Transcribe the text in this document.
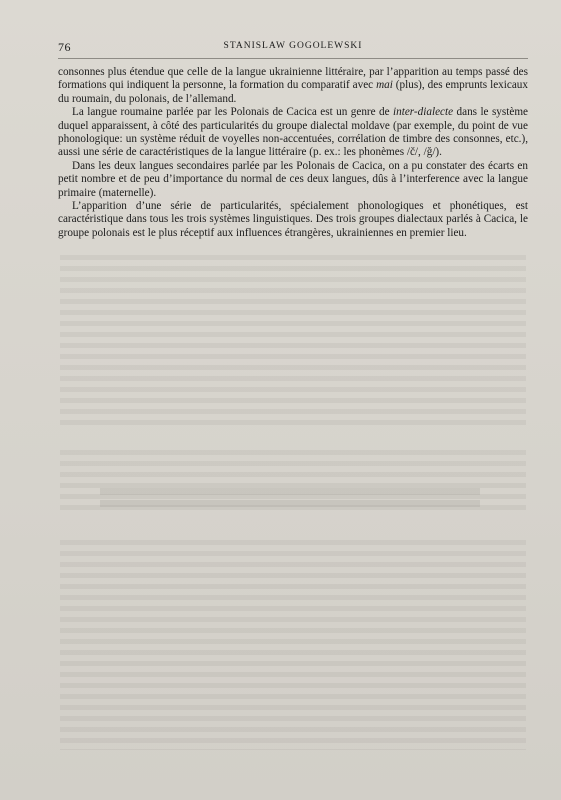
76	STANISLAW GOGOLEWSKI

consonnes plus étendue que celle de la langue ukrainienne littéraire, par l’apparition au temps passé des formations qui indiquent la personne, la formation du comparatif avec mai (plus), des emprunts lexicaux du roumain, du polonais, de l’allemand.

La langue roumaine parlée par les Polonais de Cacica est un genre de inter-dialecte dans le système duquel apparaissent, à côté des particularités du groupe dialectal moldave (par exemple, du point de vue phonologique: un système réduit de voyelles non-accentuées, corrélation de timbre des consonnes, etc.), aussi une série de caractéristiques de la langue littéraire (p. ex.: les phonèmes /č/, /ğ/).

Dans les deux langues secondaires parlée par les Polonais de Cacica, on a pu constater des écarts en petit nombre et de peu d’importance du normal de ces deux langues, dûs à l’interference avec la langue primaire (maternelle).

L’apparition d’une série de particularités, spécialement phonologiques et phonétiques, est caractéristique dans tous les trois systèmes linguistiques. Des trois groupes dialectaux parlés à Cacica, le groupe polonais est le plus réceptif aux influences étrangères, ukrainiennes en premier lieu.
